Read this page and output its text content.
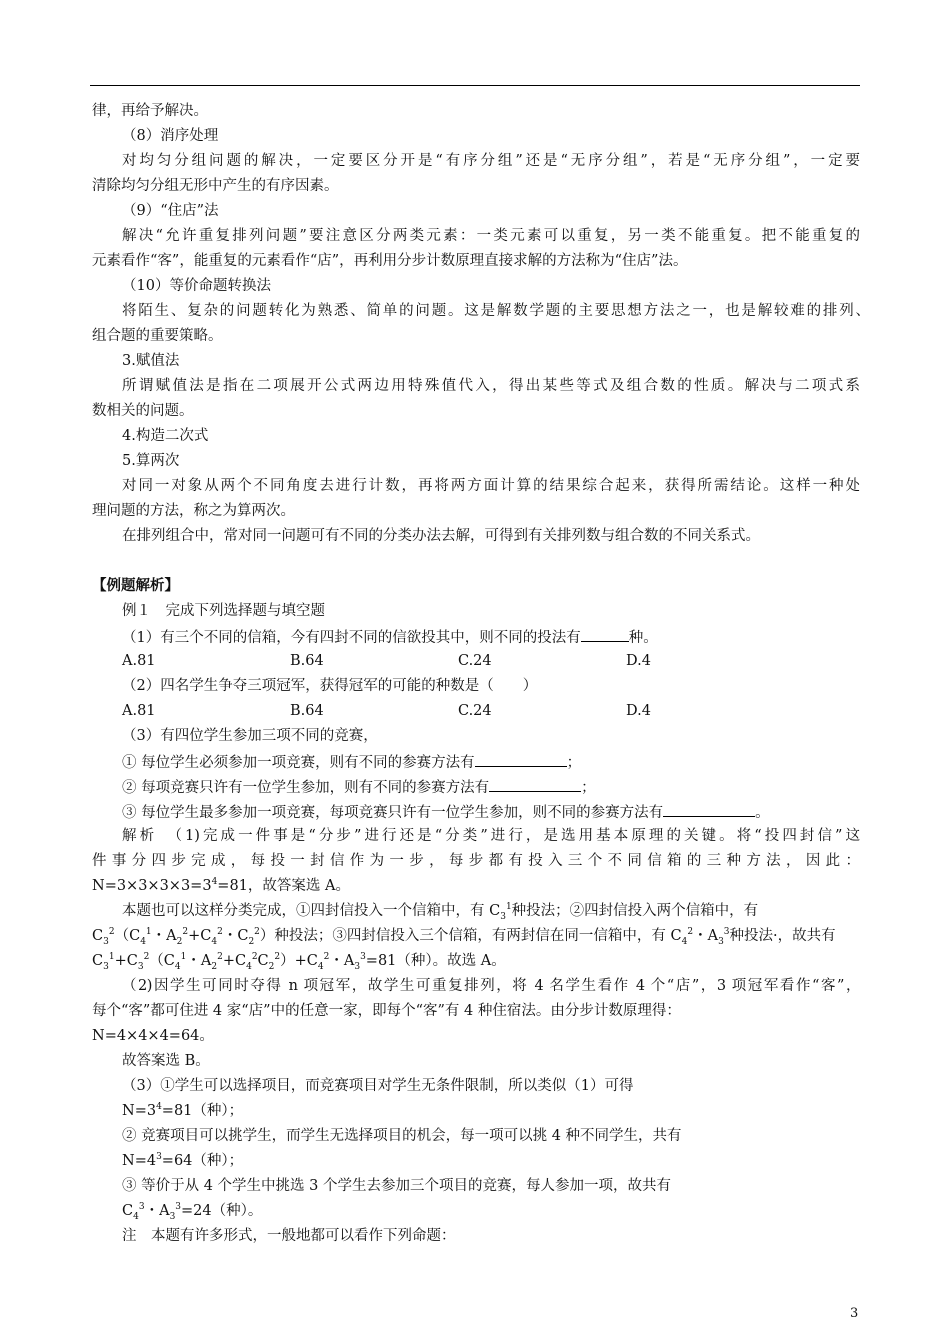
律，再给予解决。
（8）消序处理
对均匀分组问题的解决，一定要区分开是“有序分组”还是“无序分组”，若是“无序分组”，一定要
清除均匀分组无形中产生的有序因素。
（9）“住店”法
解决“允许重复排列问题”要注意区分两类元素：一类元素可以重复，另一类不能重复。把不能重复的
元素看作“客”，能重复的元素看作“店”，再利用分步计数原理直接求解的方法称为“住店”法。
（10）等价命题转换法
将陌生、复杂的问题转化为熟悉、简单的问题。这是解数学题的主要思想方法之一，也是解较难的排列、
组合题的重要策略。
3.赋值法
所谓赋值法是指在二项展开公式两边用特殊值代入，得出某些等式及组合数的性质。解决与二项式系
数相关的问题。
4.构造二次式
5.算两次
对同一对象从两个不同角度去进行计数，再将两方面计算的结果综合起来，获得所需结论。这样一种处
理问题的方法，称之为算两次。
在排列组合中，常对同一问题可有不同的分类办法去解，可得到有关排列数与组合数的不同关系式。
【例题解析】
例１　完成下列选择题与填空题
（1）有三个不同的信箱，今有四封不同的信欲投其中，则不同的投法有	种。
A.81	B.64	C.24	D.4
（2）四名学生争夺三项冠军，获得冠军的可能的种数是（　　）
A.81	B.64	C.24	D.4
（3）有四位学生参加三项不同的竞赛，
① 每位学生必须参加一项竞赛，则有不同的参赛方法有	；
② 每项竞赛只许有一位学生参加，则有不同的参赛方法有	；
③ 每位学生最多参加一项竞赛，每项竞赛只许有一位学生参加，则不同的参赛方法有	。
解析　（1)完成一件事是“分步”进行还是“分类”进行，是选用基本原理的关键。将“投四封信”这
件事分四步完成，每投一封信作为一步，每步都有投入三个不同信箱的三种方法，因此：
$N=3\times 3\times 3\times 3=3^4=81$，故答案选 A。
本题也可以这样分类完成，①四封信投入一个信箱中，有 $C_3^1$种投法；②四封信投入两个信箱中，有
$C_3^2(C_4^1$・$A_2^2+C_4^2$・$C_2^2$）种投法；③四封信投入三个信箱，有两封信在同一信箱中，有 $C_4^2$・$A_3^3$种投法·，故共有
$C_3^1+C_3^2(C_4^1$・$A_2^2+C_4^2C_2^2)+C_4^2$・$A_3^3=81$（种）。故选 A。
（2)因学生可同时夺得 n 项冠军，故学生可重复排列，将 4 名学生看作 4 个“店”，3 项冠军看作“客”，
每个“客”都可住进 4 家“店”中的任意一家，即每个“客”有 4 种住宿法。由分步计数原理得：
N=4×4×4=64。
故答案选 B。
（3）①学生可以选择项目，而竞赛项目对学生无条件限制，所以类似（1）可得
$N=3^4=81$（种）；
② 竞赛项目可以挑学生，而学生无选择项目的机会，每一项可以挑 4 种不同学生，共有
$N=4^3=64$（种）；
③ 等价于从 4 个学生中挑选 3 个学生去参加三个项目的竞赛，每人参加一项，故共有
$C_4^3$・$A_3^3=24$（种）。
注　本题有许多形式，一般地都可以看作下列命题：
3
